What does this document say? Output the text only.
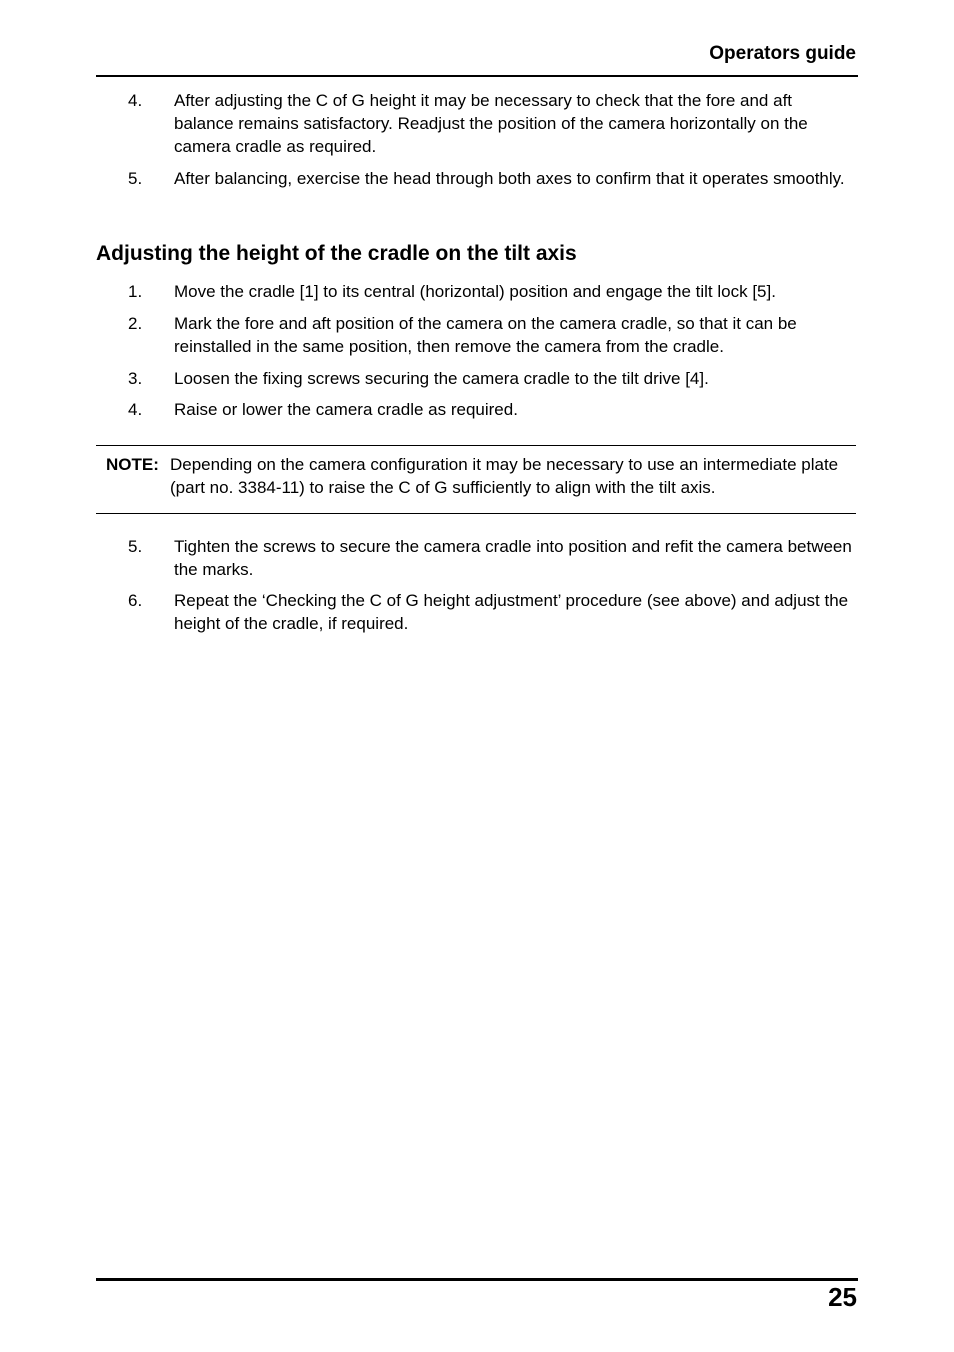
Operators guide
4. After adjusting the C of G height it may be necessary to check that the fore and aft balance remains satisfactory. Readjust the position of the camera horizontally on the camera cradle as required.
5. After balancing, exercise the head through both axes to confirm that it operates smoothly.
Adjusting the height of the cradle on the tilt axis
1. Move the cradle [1] to its central (horizontal) position and engage the tilt lock [5].
2. Mark the fore and aft position of the camera on the camera cradle, so that it can be reinstalled in the same position, then remove the camera from the cradle.
3. Loosen the fixing screws securing the camera cradle to the tilt drive [4].
4. Raise or lower the camera cradle as required.
NOTE: Depending on the camera configuration it may be necessary to use an intermediate plate (part no. 3384-11) to raise the C of G sufficiently to align with the tilt axis.
5. Tighten the screws to secure the camera cradle into position and refit the camera between the marks.
6. Repeat the ‘Checking the C of G height adjustment’ procedure (see above) and adjust the height of the cradle, if required.
25
